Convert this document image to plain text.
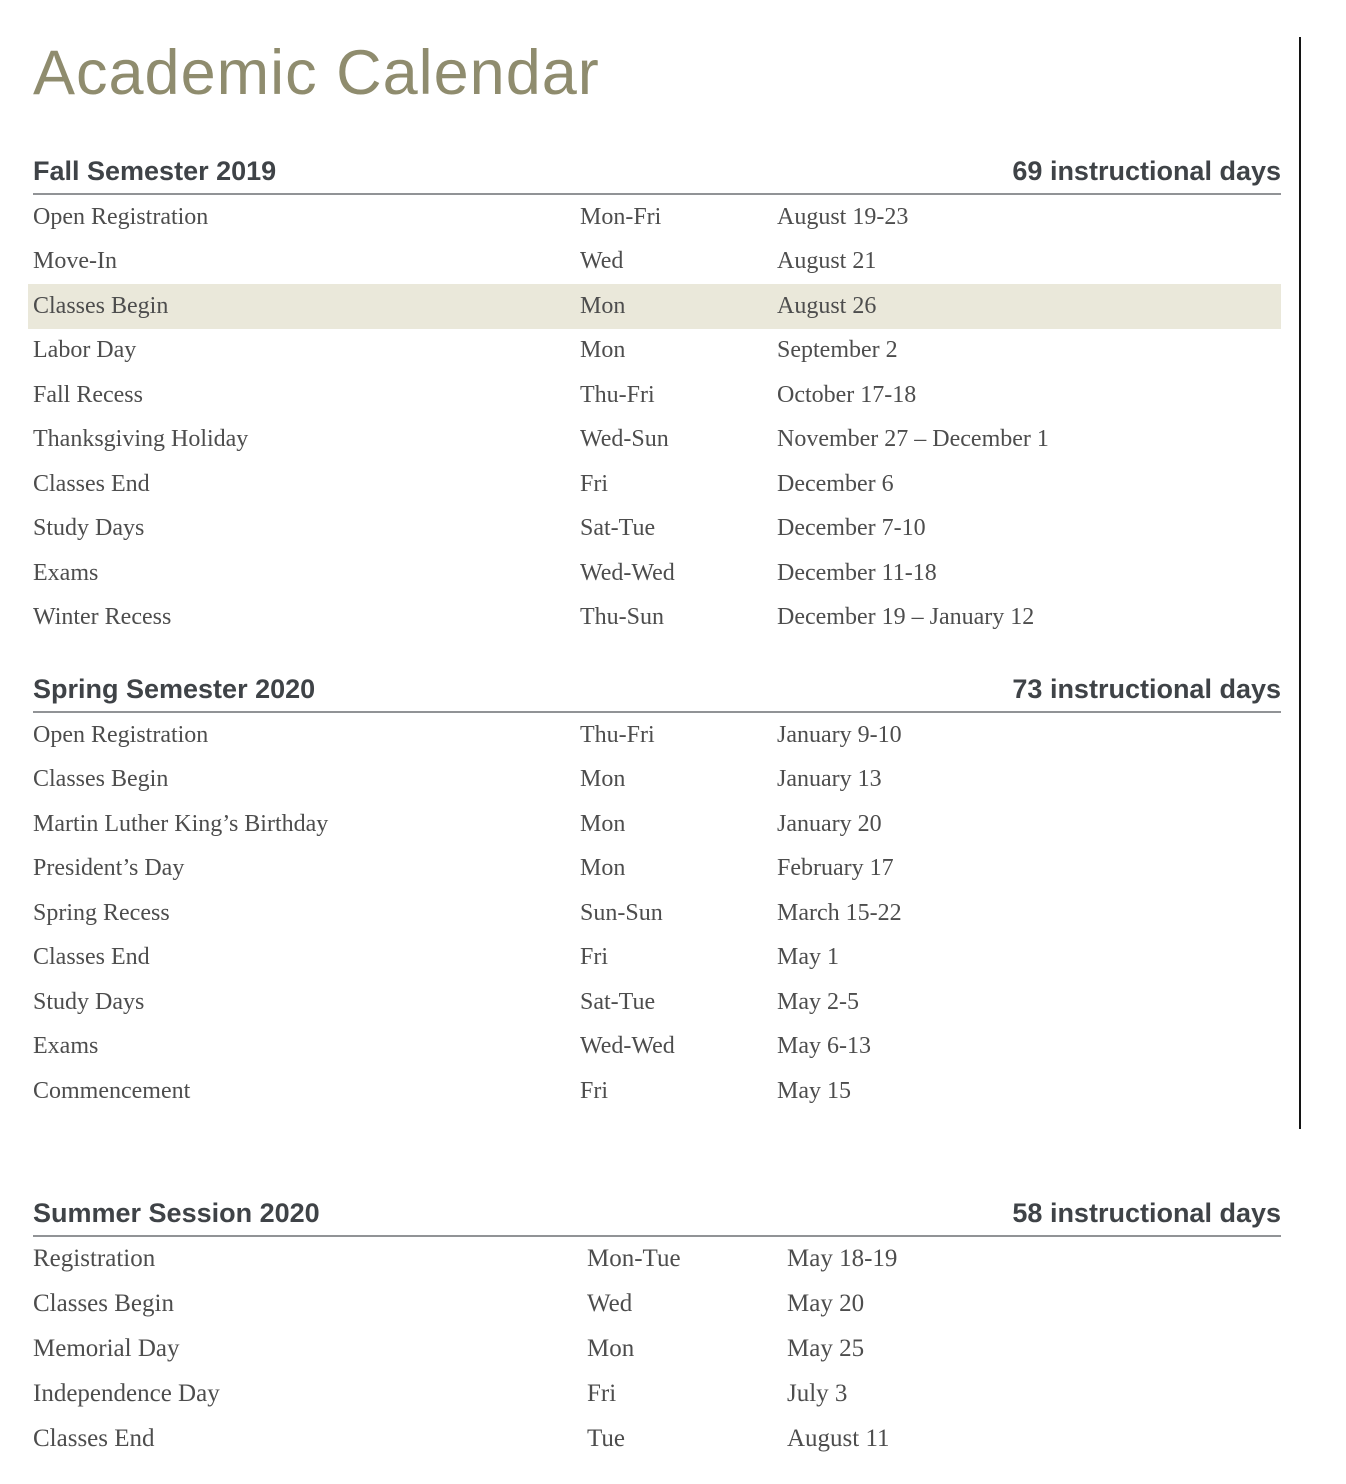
Academic Calendar
Fall Semester 2019	69 instructional days
Open Registration	Mon-Fri	August 19-23
Move-In	Wed	August 21
Classes Begin	Mon	August 26
Labor Day	Mon	September 2
Fall Recess	Thu-Fri	October 17-18
Thanksgiving Holiday	Wed-Sun	November 27 – December 1
Classes End	Fri	December 6
Study Days	Sat-Tue	December 7-10
Exams	Wed-Wed	December 11-18
Winter Recess	Thu-Sun	December 19 – January 12
Spring Semester 2020	73 instructional days
Open Registration	Thu-Fri	January 9-10
Classes Begin	Mon	January 13
Martin Luther King’s Birthday	Mon	January 20
President’s Day	Mon	February 17
Spring Recess	Sun-Sun	March 15-22
Classes End	Fri	May 1
Study Days	Sat-Tue	May 2-5
Exams	Wed-Wed	May 6-13
Commencement	Fri	May 15
Summer Session 2020	58 instructional days
Registration	Mon-Tue	May 18-19
Classes Begin	Wed	May 20
Memorial Day	Mon	May 25
Independence Day	Fri	July 3
Classes End	Tue	August 11
